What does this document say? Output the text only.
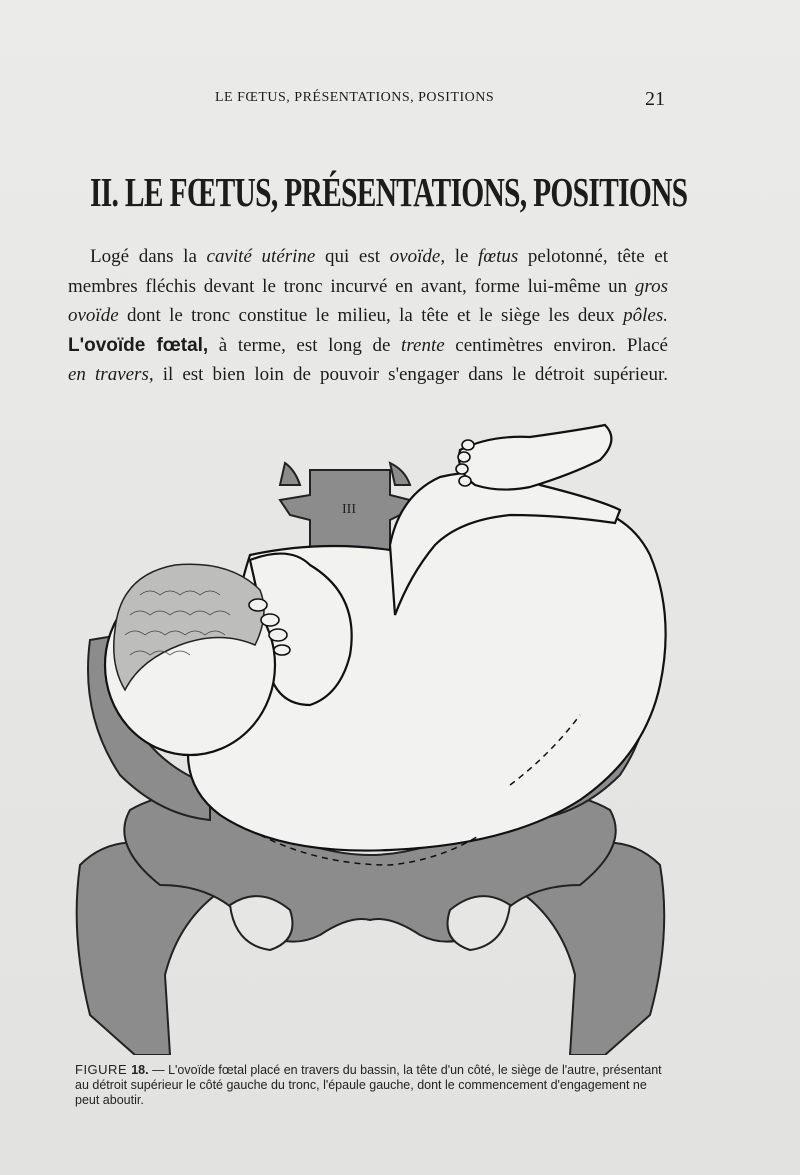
LE FŒTUS, PRÉSENTATIONS, POSITIONS	21
II. LE FŒTUS, PRÉSENTATIONS, POSITIONS
Logé dans la cavité utérine qui est ovoïde, le fœtus pelotonné, tête et
membres fléchis devant le tronc incurvé en avant, forme lui-même un gros
ovoïde dont le tronc constitue le milieu, la tête et le siège les deux pôles.
L'ovoïde fœtal, à terme, est long de trente centimètres environ. Placé
en travers, il est bien loin de pouvoir s'engager dans le détroit supérieur.
III
FIGURE 18. — L'ovoïde fœtal placé en travers du bassin, la tête d'un côté, le siège de l'autre, présentant au détroit supérieur le côté gauche du tronc, l'épaule gauche, dont le commencement d'engagement ne peut aboutir.
